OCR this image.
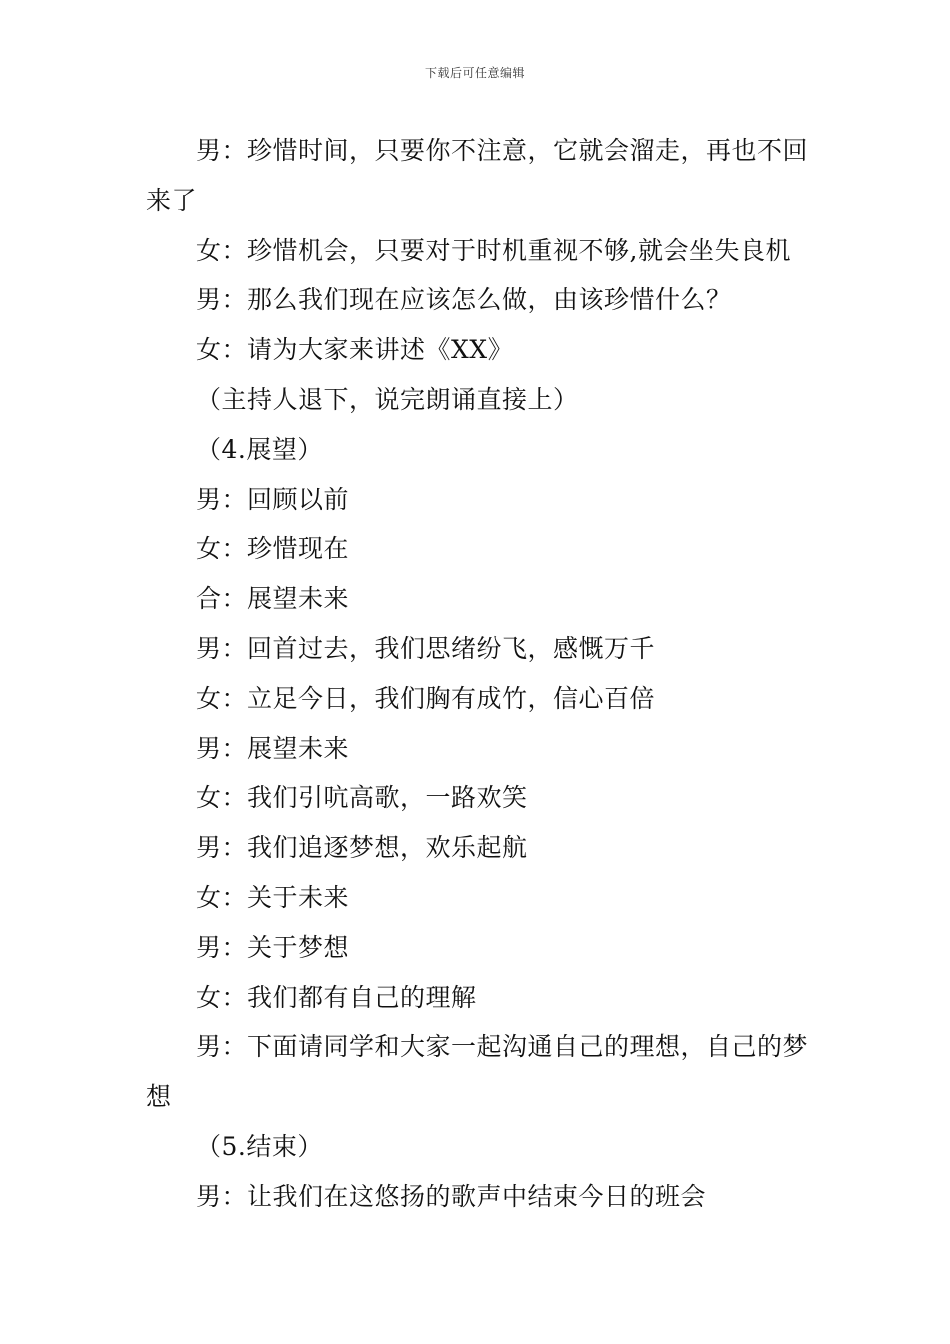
下载后可任意编辑

男：珍惜时间，只要你不注意，它就会溜走，再也不回来了

女：珍惜机会，只要对于时机重视不够,就会坐失良机

男：那么我们现在应该怎么做，由该珍惜什么？

女：请为大家来讲述《XX》

（主持人退下，说完朗诵直接上）

（4.展望）

男：回顾以前

女：珍惜现在

合：展望未来

男：回首过去，我们思绪纷飞，感慨万千

女：立足今日，我们胸有成竹，信心百倍

男：展望未来

女：我们引吭高歌，一路欢笑

男：我们追逐梦想，欢乐起航

女：关于未来

男：关于梦想

女：我们都有自己的理解

男：下面请同学和大家一起沟通自己的理想，自己的梦想

（5.结束）

男：让我们在这悠扬的歌声中结束今日的班会
